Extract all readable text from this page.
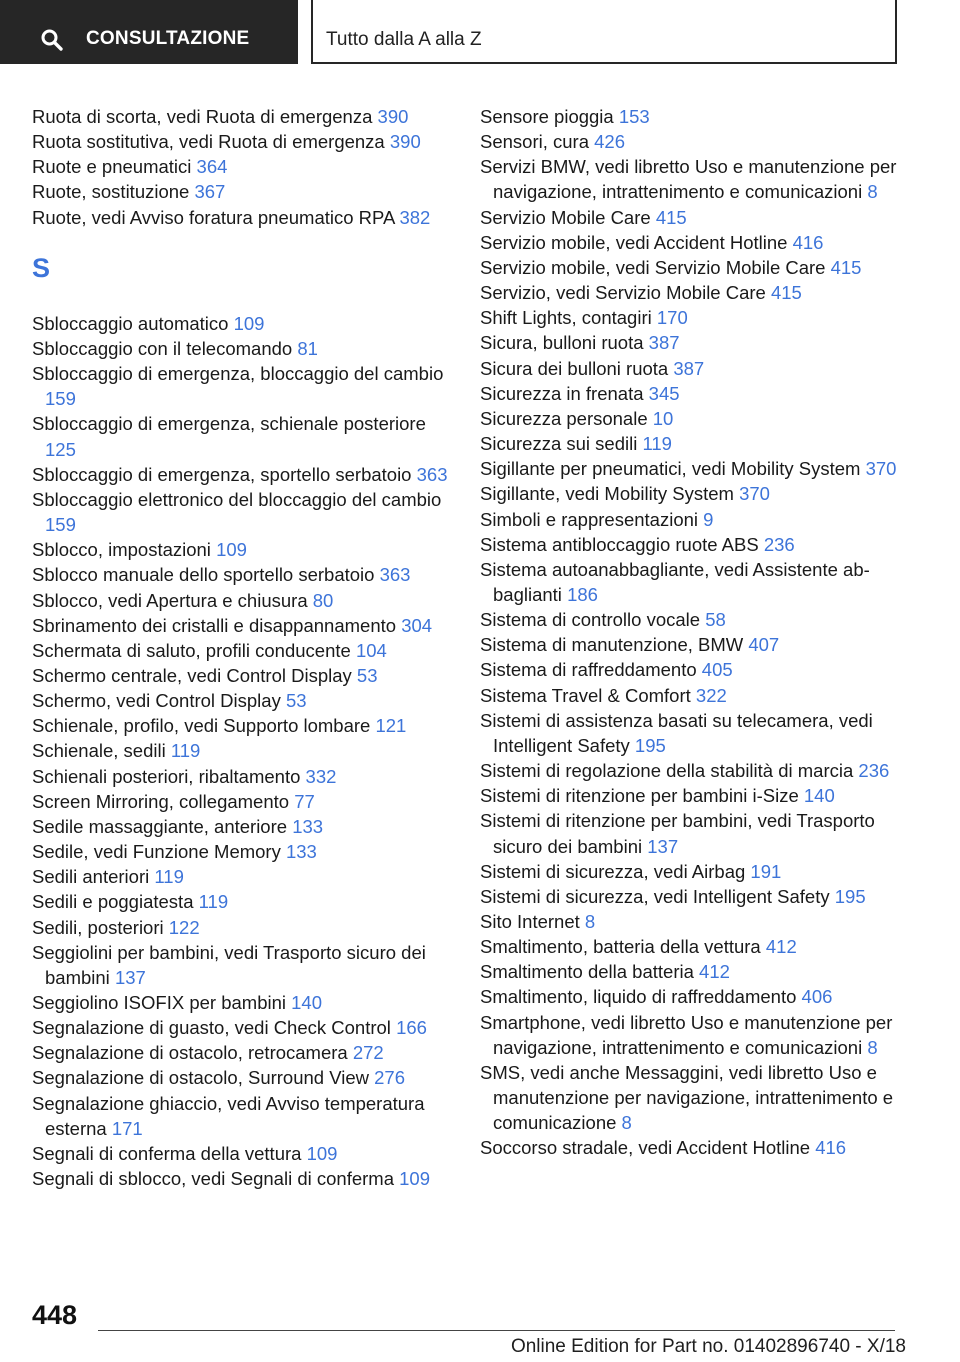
CONSULTAZIONE	Tutto dalla A alla Z
Ruota di scorta, vedi Ruota di emergenza 390
Ruota sostitutiva, vedi Ruota di emergenza 390
Ruote e pneumatici 364
Ruote, sostituzione 367
Ruote, vedi Avviso foratura pneumatico RPA 382
S
Sbloccaggio automatico 109
Sbloccaggio con il telecomando 81
Sbloccaggio di emergenza, bloccaggio del cambio 159
Sbloccaggio di emergenza, schienale posteriore 125
Sbloccaggio di emergenza, sportello serbatoio 363
Sbloccaggio elettronico del bloccaggio del cambio 159
Sblocco, impostazioni 109
Sblocco manuale dello sportello serbatoio 363
Sblocco, vedi Apertura e chiusura 80
Sbrinamento dei cristalli e disappannamento 304
Schermata di saluto, profili conducente 104
Schermo centrale, vedi Control Display 53
Schermo, vedi Control Display 53
Schienale, profilo, vedi Supporto lombare 121
Schienale, sedili 119
Schienali posteriori, ribaltamento 332
Screen Mirroring, collegamento 77
Sedile massaggiante, anteriore 133
Sedile, vedi Funzione Memory 133
Sedili anteriori 119
Sedili e poggiatesta 119
Sedili, posteriori 122
Seggiolini per bambini, vedi Trasporto sicuro dei bambini 137
Seggiolino ISOFIX per bambini 140
Segnalazione di guasto, vedi Check Control 166
Segnalazione di ostacolo, retrocamera 272
Segnalazione di ostacolo, Surround View 276
Segnalazione ghiaccio, vedi Avviso temperatura esterna 171
Segnali di conferma della vettura 109
Segnali di sblocco, vedi Segnali di conferma 109
Sensore pioggia 153
Sensori, cura 426
Servizi BMW, vedi libretto Uso e manutenzione per navigazione, intrattenimento e comunicazioni 8
Servizio Mobile Care 415
Servizio mobile, vedi Accident Hotline 416
Servizio mobile, vedi Servizio Mobile Care 415
Servizio, vedi Servizio Mobile Care 415
Shift Lights, contagiri 170
Sicura, bulloni ruota 387
Sicura dei bulloni ruota 387
Sicurezza in frenata 345
Sicurezza personale 10
Sicurezza sui sedili 119
Sigillante per pneumatici, vedi Mobility System 370
Sigillante, vedi Mobility System 370
Simboli e rappresentazioni 9
Sistema antibloccaggio ruote ABS 236
Sistema autoanabbagliante, vedi Assistente abbaglianti 186
Sistema di controllo vocale 58
Sistema di manutenzione, BMW 407
Sistema di raffreddamento 405
Sistema Travel & Comfort 322
Sistemi di assistenza basati su telecamera, vedi Intelligent Safety 195
Sistemi di regolazione della stabilità di marcia 236
Sistemi di ritenzione per bambini i-Size 140
Sistemi di ritenzione per bambini, vedi Trasporto sicuro dei bambini 137
Sistemi di sicurezza, vedi Airbag 191
Sistemi di sicurezza, vedi Intelligent Safety 195
Sito Internet 8
Smaltimento, batteria della vettura 412
Smaltimento della batteria 412
Smaltimento, liquido di raffreddamento 406
Smartphone, vedi libretto Uso e manutenzione per navigazione, intrattenimento e comunicazioni 8
SMS, vedi anche Messaggini, vedi libretto Uso e manutenzione per navigazione, intrattenimento e comunicazione 8
Soccorso stradale, vedi Accident Hotline 416
448
Online Edition for Part no. 01402896740 - X/18
